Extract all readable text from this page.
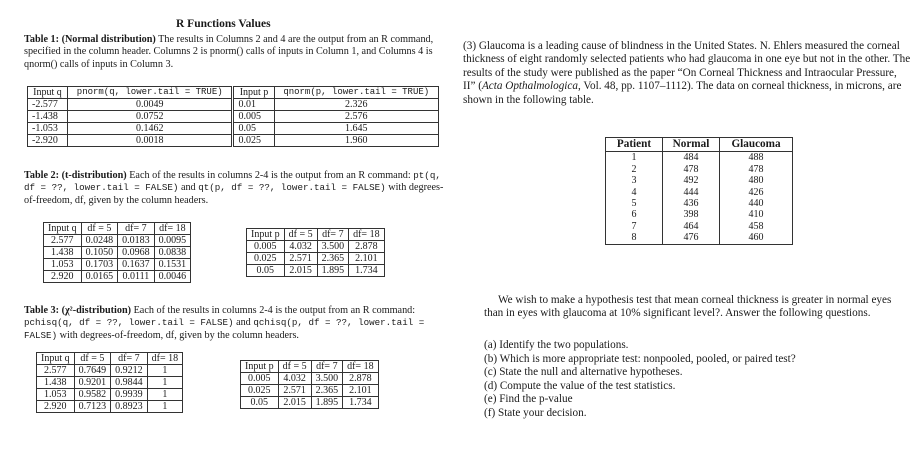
R Functions Values
Table 1: (Normal distribution) The results in Columns 2 and 4 are the output from an R command, specified in the column header. Columns 2 is pnorm() calls of inputs in Column 1, and Columns 4 is qnorm() calls of inputs in Column 3.
Input q	pnorm(q, lower.tail = TRUE)	Input p	qnorm(p, lower.tail = TRUE)
-2.577	0.0049	0.01	2.326
-1.438	0.0752	0.005	2.576
-1.053	0.1462	0.05	1.645
-2.920	0.0018	0.025	1.960
Table 2: (t-distribution) Each of the results in columns 2-4 is the output from an R command: pt(q, df = ??, lower.tail = FALSE) and qt(p, df = ??, lower.tail = FALSE) with degrees-of-freedom, df, given by the column headers.
Input q	df = 5	df= 7	df= 18
2.577	0.0248	0.0183	0.0095
1.438	0.1050	0.0968	0.0838
1.053	0.1703	0.1637	0.1531
2.920	0.0165	0.0111	0.0046
Input p	df = 5	df= 7	df= 18
0.005	4.032	3.500	2.878
0.025	2.571	2.365	2.101
0.05	2.015	1.895	1.734
Table 3: (χ²-distribution) Each of the results in columns 2-4 is the output from an R command: pchisq(q, df = ??, lower.tail = FALSE) and qchisq(p, df = ??, lower.tail = FALSE) with degrees-of-freedom, df, given by the column headers.
Input q	df = 5	df= 7	df= 18
2.577	0.7649	0.9212	1
1.438	0.9201	0.9844	1
1.053	0.9582	0.9939	1
2.920	0.7123	0.8923	1
Input p	df = 5	df= 7	df= 18
0.005	4.032	3.500	2.878
0.025	2.571	2.365	2.101
0.05	2.015	1.895	1.734
(3) Glaucoma is a leading cause of blindness in the United States. N. Ehlers measured the corneal thickness of eight randomly selected patients who had glaucoma in one eye but not in the other. The results of the study were published as the paper “On Corneal Thickness and Intraocular Pressure, II” (Acta Opthalmologica, Vol. 48, pp. 1107–1112). The data on corneal thickness, in microns, are shown in the following table.
Patient	Normal	Glaucoma
1	484	488
2	478	478
3	492	480
4	444	426
5	436	440
6	398	410
7	464	458
8	476	460
We wish to make a hypothesis test that mean corneal thickness is greater in normal eyes than in eyes with glaucoma at 10% significant level?. Answer the following questions.
(a) Identify the two populations.
(b) Which is more appropriate test: nonpooled, pooled, or paired test?
(c) State the null and alternative hypotheses.
(d) Compute the value of the test statistics.
(e) Find the p-value
(f) State your decision.
